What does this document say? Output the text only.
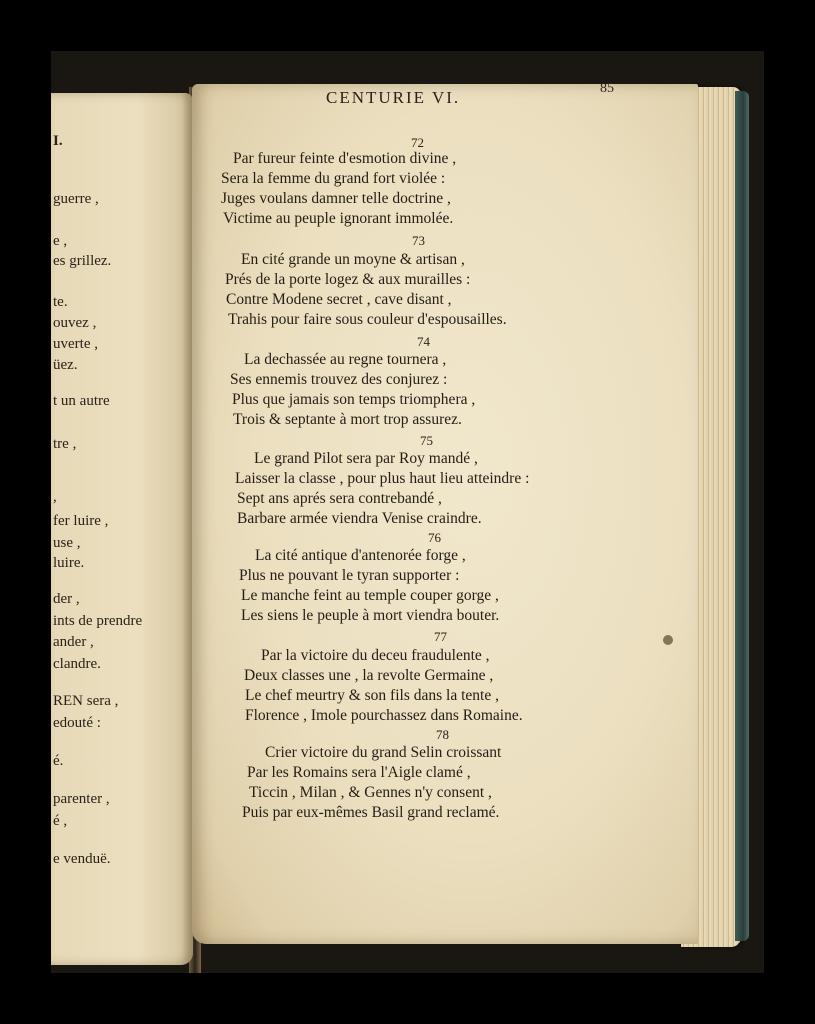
I.
guerre ,
e ,
es grillez.
te.
ouvez ,
uverte ,
üez.
t un autre
tre ,
,
fer luire ,
use ,
luire.
der ,
ints de prendre
ander ,
clandre.
REN sera ,
edouté :
é.
parenter ,
é ,
e venduë.
CENTURIE VI.	85
72
Par fureur feinte d'esmotion divine ,
Sera la femme du grand fort violée :
Juges voulans damner telle doctrine ,
Victime au peuple ignorant immolée.
73
En cité grande un moyne & artisan ,
Prés de la porte logez & aux murailles :
Contre Modene secret , cave disant ,
Trahis pour faire sous couleur d'espousailles.
74
La dechassée au regne tournera ,
Ses ennemis trouvez des conjurez :
Plus que jamais son temps triomphera ,
Trois & septante à mort trop assurez.
75
Le grand Pilot sera par Roy mandé ,
Laisser la classe , pour plus haut lieu atteindre :
Sept ans aprés sera contrebandé ,
Barbare armée viendra Venise craindre.
76
La cité antique d'antenorée forge ,
Plus ne pouvant le tyran supporter :
Le manche feint au temple couper gorge ,
Les siens le peuple à mort viendra bouter.
77
Par la victoire du deceu fraudulente ,
Deux classes une , la revolte Germaine ,
Le chef meurtry & son fils dans la tente ,
Florence , Imole pourchassez dans Romaine.
78
Crier victoire du grand Selin croissant
Par les Romains sera l'Aigle clamé ,
Ticcin , Milan , & Gennes n'y consent ,
Puis par eux-mêmes Basil grand reclamé.
